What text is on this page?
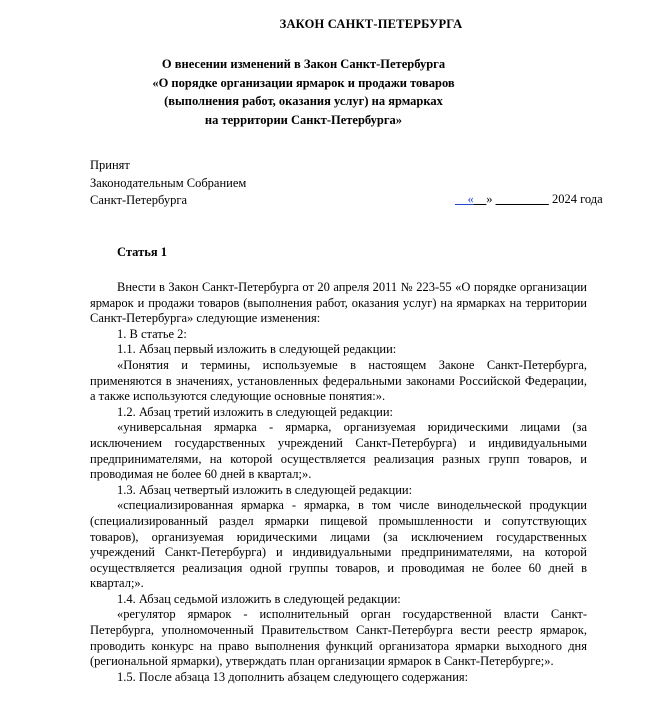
ЗАКОН САНКТ-ПЕТЕРБУРГА
О внесении изменений в Закон Санкт-Петербурга
«О порядке организации ярмарок и продажи товаров
(выполнения работ, оказания услуг) на ярмарках
на территории Санкт-Петербурга»
Принят
Законодательным Собранием
Санкт-Петербурга	__«__» ________ 2024 года
Статья 1

Внести в Закон Санкт-Петербурга от 20 апреля 2011 № 223-55 «О порядке организации ярмарок и продажи товаров (выполнения работ, оказания услуг) на ярмарках на территории Санкт-Петербурга» следующие изменения:

1. В статье 2:

1.1. Абзац первый изложить в следующей редакции:

«Понятия и термины, используемые в настоящем Законе Санкт-Петербурга, применяются в значениях, установленных федеральными законами Российской Федерации, а также используются следующие основные понятия:».

1.2. Абзац третий изложить в следующей редакции:

«универсальная ярмарка - ярмарка, организуемая юридическими лицами (за исключением государственных учреждений Санкт-Петербурга) и индивидуальными предпринимателями, на которой осуществляется реализация разных групп товаров, и проводимая не более 60 дней в квартал;».

1.3. Абзац четвертый изложить в следующей редакции:

«специализированная ярмарка - ярмарка, в том числе винодельческой продукции (специализированный раздел ярмарки пищевой промышленности и сопутствующих товаров), организуемая юридическими лицами (за исключением государственных учреждений Санкт-Петербурга) и индивидуальными предпринимателями, на которой осуществляется реализация одной группы товаров, и проводимая не более 60 дней в квартал;».

1.4. Абзац седьмой изложить в следующей редакции:

«регулятор ярмарок - исполнительный орган государственной власти Санкт-Петербурга, уполномоченный Правительством Санкт-Петербурга вести реестр ярмарок, проводить конкурс на право выполнения функций организатора ярмарки выходного дня (региональной ярмарки), утверждать план организации ярмарок в Санкт-Петербурге;».

1.5. После абзаца 13 дополнить абзацем следующего содержания:
